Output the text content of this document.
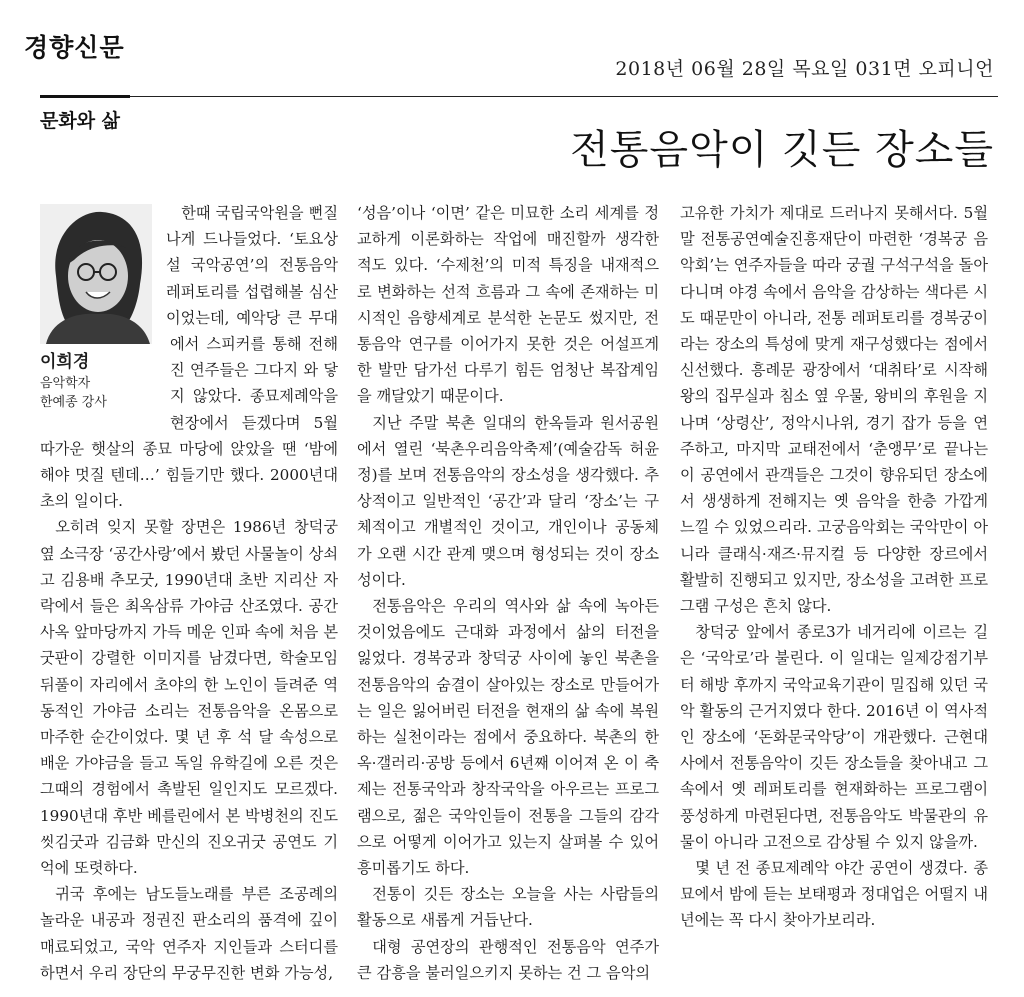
경향신문
2018년 06월 28일 목요일 031면 오피니언
문화와 삶
전통음악이 깃든 장소들
이희경
음악학자
한예종 강사

한때 국립국악원을 뻔질나게 드나들었다. ‘토요상설 국악공연’의 전통음악 레퍼토리를 섭렵해볼 심산이었는데, 예악당 큰 무대에서 스피커를 통해 전해진 연주들은 그다지 와 닿지 않았다. 종묘제례악을 현장에서 듣겠다며 5월 따가운 햇살의 종묘 마당에 앉았을 땐 ‘밤에 해야 멋질 텐데…’ 힘들기만 했다. 2000년대 초의 일이다.

오히려 잊지 못할 장면은 1986년 창덕궁 옆 소극장 ‘공간사랑’에서 봤던 사물놀이 상쇠 고 김용배 추모굿, 1990년대 초반 지리산 자락에서 들은 최옥삼류 가야금 산조였다. 공간사옥 앞마당까지 가득 메운 인파 속에 처음 본 굿판이 강렬한 이미지를 남겼다면, 학술모임 뒤풀이 자리에서 초야의 한 노인이 들려준 역동적인 가야금 소리는 전통음악을 온몸으로 마주한 순간이었다. 몇 년 후 석 달 속성으로 배운 가야금을 들고 독일 유학길에 오른 것은 그때의 경험에서 촉발된 일인지도 모르겠다. 1990년대 후반 베를린에서 본 박병천의 진도씻김굿과 김금화 만신의 진오귀굿 공연도 기억에 또렷하다.

귀국 후에는 남도들노래를 부른 조공례의 놀라운 내공과 정권진 판소리의 품격에 깊이 매료되었고, 국악 연주자 지인들과 스터디를 하면서 우리 장단의 무궁무진한 변화 가능성,

‘성음’이나 ‘이면’ 같은 미묘한 소리 세계를 정교하게 이론화하는 작업에 매진할까 생각한 적도 있다. ‘수제천’의 미적 특징을 내재적으로 변화하는 선적 흐름과 그 속에 존재하는 미시적인 음향세계로 분석한 논문도 썼지만, 전통음악 연구를 이어가지 못한 것은 어설프게 한 발만 담가선 다루기 힘든 엄청난 복잡계임을 깨달았기 때문이다.

지난 주말 북촌 일대의 한옥들과 원서공원에서 열린 ‘북촌우리음악축제’(예술감독 허윤정)를 보며 전통음악의 장소성을 생각했다. 추상적이고 일반적인 ‘공간’과 달리 ‘장소’는 구체적이고 개별적인 것이고, 개인이나 공동체가 오랜 시간 관계 맺으며 형성되는 것이 장소성이다.

전통음악은 우리의 역사와 삶 속에 녹아든 것이었음에도 근대화 과정에서 삶의 터전을 잃었다. 경복궁과 창덕궁 사이에 놓인 북촌을 전통음악의 숨결이 살아있는 장소로 만들어가는 일은 잃어버린 터전을 현재의 삶 속에 복원하는 실천이라는 점에서 중요하다. 북촌의 한옥·갤러리·공방 등에서 6년째 이어져 온 이 축제는 전통국악과 창작국악을 아우르는 프로그램으로, 젊은 국악인들이 전통을 그들의 감각으로 어떻게 이어가고 있는지 살펴볼 수 있어 흥미롭기도 하다.

전통이 깃든 장소는 오늘을 사는 사람들의 활동으로 새롭게 거듭난다.

대형 공연장의 관행적인 전통음악 연주가 큰 감흥을 불러일으키지 못하는 건 그 음악의

고유한 가치가 제대로 드러나지 못해서다. 5월 말 전통공연예술진흥재단이 마련한 ‘경복궁 음악회’는 연주자들을 따라 궁궐 구석구석을 돌아다니며 야경 속에서 음악을 감상하는 색다른 시도 때문만이 아니라, 전통 레퍼토리를 경복궁이라는 장소의 특성에 맞게 재구성했다는 점에서 신선했다. 흥례문 광장에서 ‘대취타’로 시작해 왕의 집무실과 침소 옆 우물, 왕비의 후원을 지나며 ‘상령산’, 정악시나위, 경기 잡가 등을 연주하고, 마지막 교태전에서 ‘춘앵무’로 끝나는 이 공연에서 관객들은 그것이 향유되던 장소에서 생생하게 전해지는 옛 음악을 한층 가깝게 느낄 수 있었으리라. 고궁음악회는 국악만이 아니라 클래식·재즈·뮤지컬 등 다양한 장르에서 활발히 진행되고 있지만, 장소성을 고려한 프로그램 구성은 흔치 않다.

창덕궁 앞에서 종로3가 네거리에 이르는 길은 ‘국악로’라 불린다. 이 일대는 일제강점기부터 해방 후까지 국악교육기관이 밀집해 있던 국악 활동의 근거지였다 한다. 2016년 이 역사적인 장소에 ‘돈화문국악당’이 개관했다. 근현대사에서 전통음악이 깃든 장소들을 찾아내고 그 속에서 옛 레퍼토리를 현재화하는 프로그램이 풍성하게 마련된다면, 전통음악도 박물관의 유물이 아니라 고전으로 감상될 수 있지 않을까.

몇 년 전 종묘제례악 야간 공연이 생겼다. 종묘에서 밤에 듣는 보태평과 정대업은 어떨지 내년에는 꼭 다시 찾아가보리라.
